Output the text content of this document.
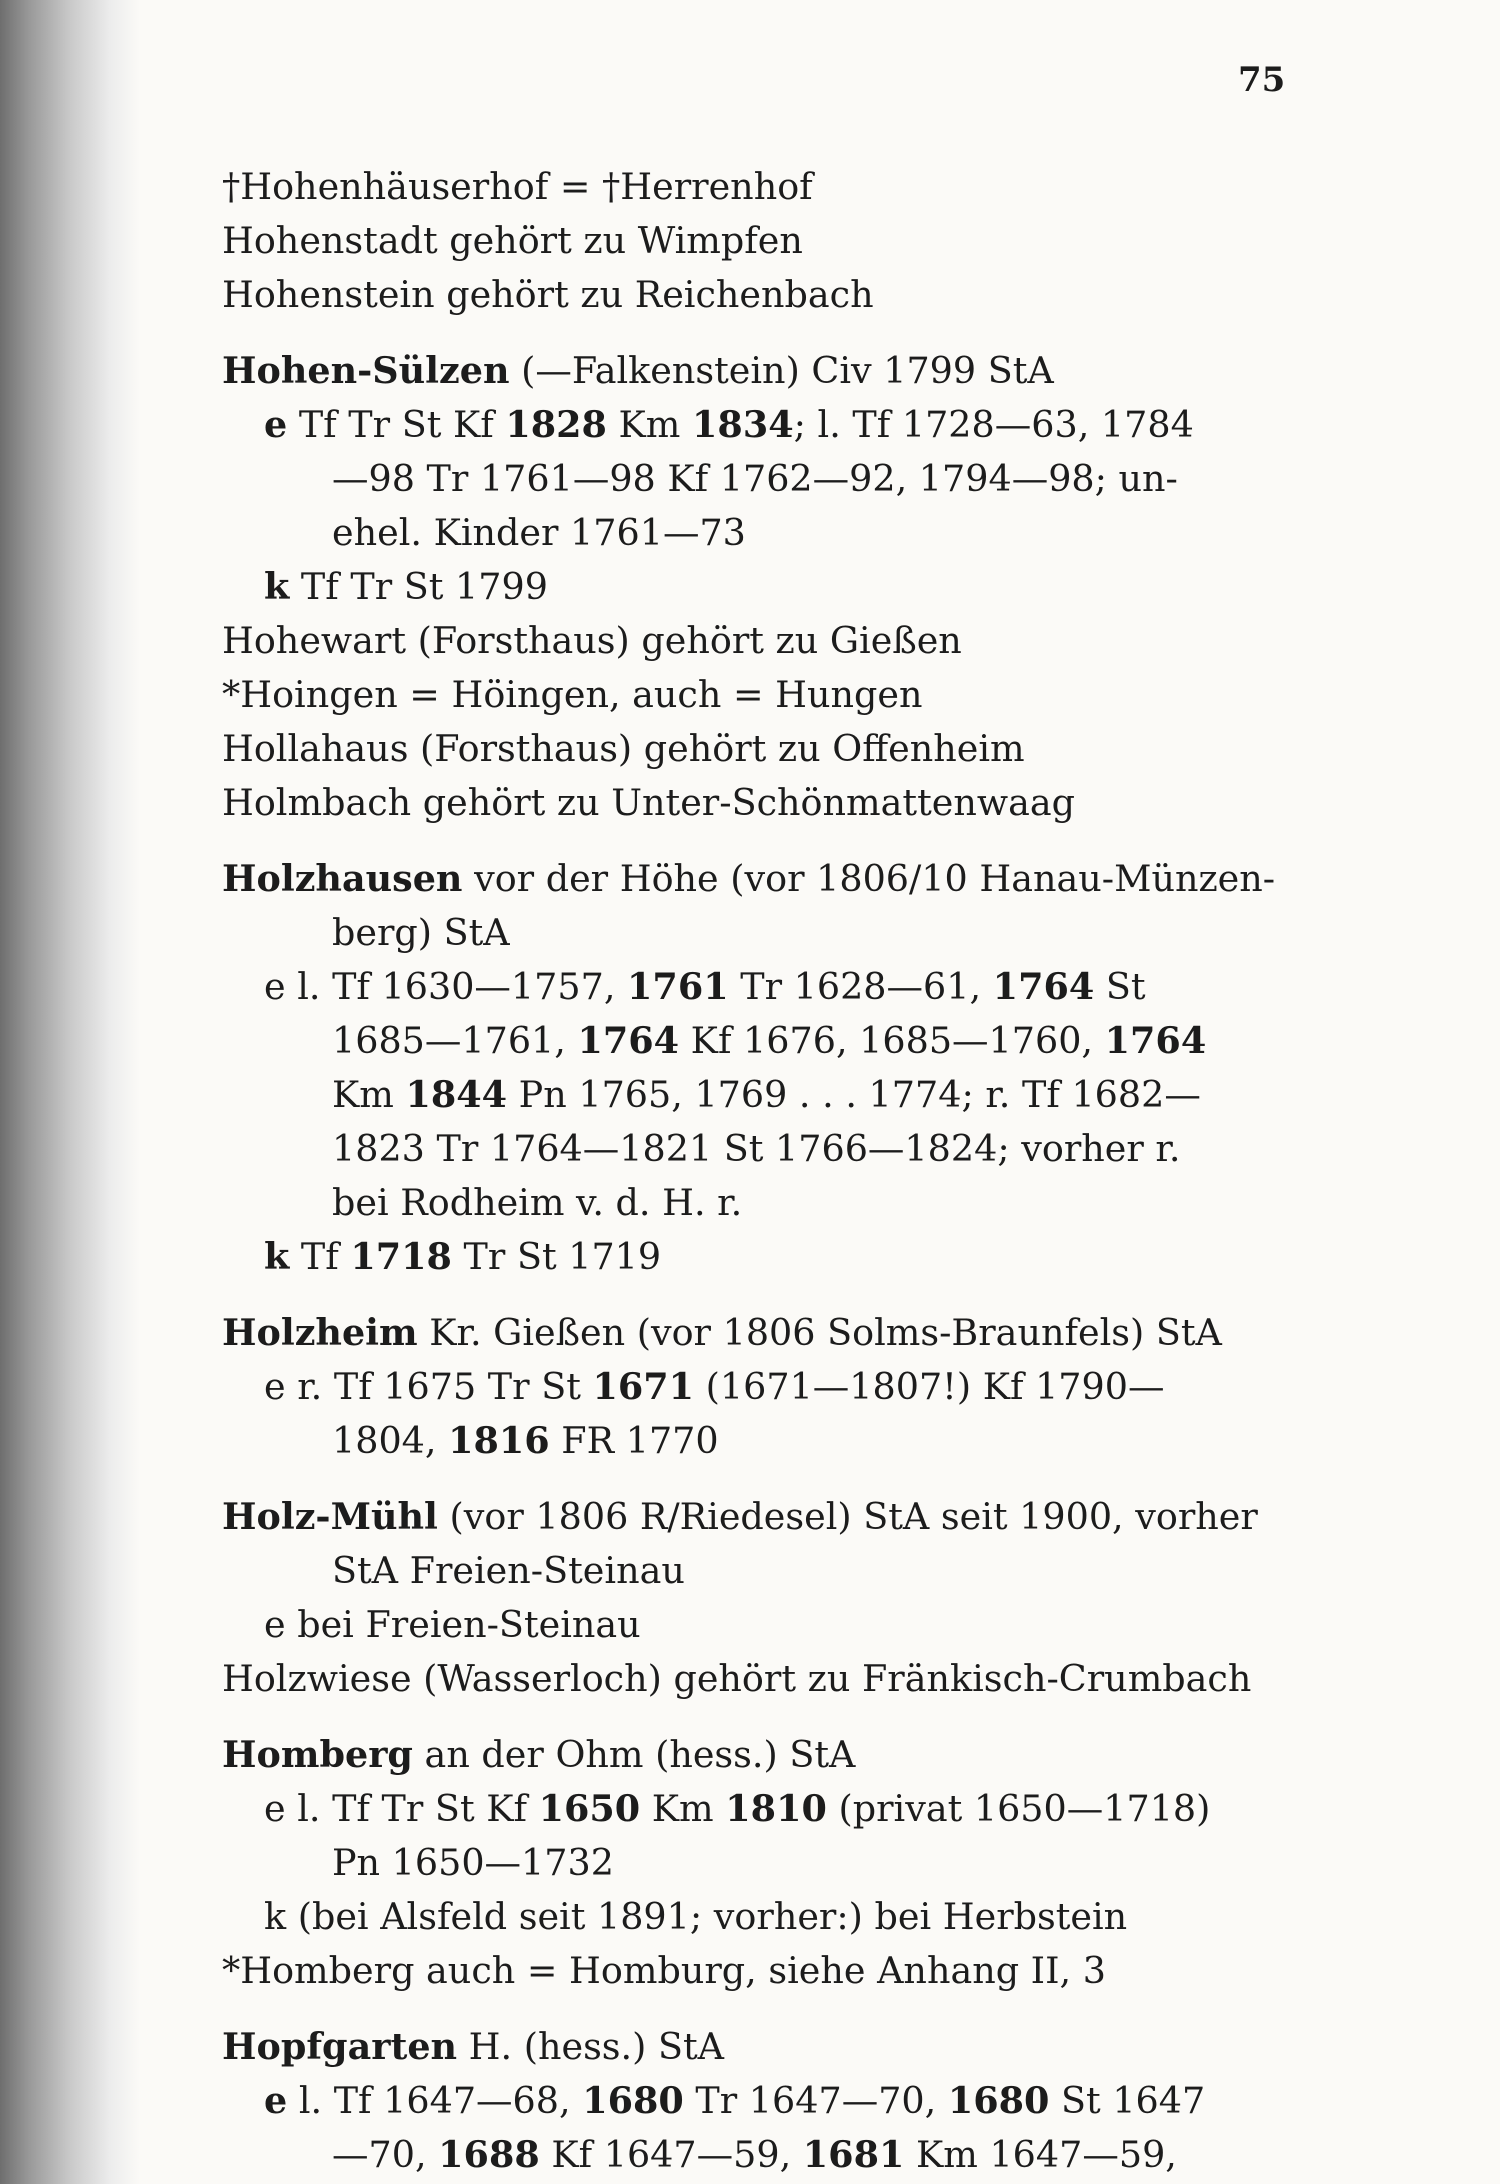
75
†Hohenhäuserhof = †Herrenhof
Hohenstadt gehört zu Wimpfen
Hohenstein gehört zu Reichenbach
Hohen-Sülzen (—Falkenstein) Civ 1799 StA
e Tf Tr St Kf 1828 Km 1834; l. Tf 1728—63, 1784
—98 Tr 1761—98 Kf 1762—92, 1794—98; un-
ehel. Kinder 1761—73
k Tf Tr St 1799
Hohewart (Forsthaus) gehört zu Gießen
*Hoingen = Höingen, auch = Hungen
Hollahaus (Forsthaus) gehört zu Offenheim
Holmbach gehört zu Unter-Schönmattenwaag
Holzhausen vor der Höhe (vor 1806/10 Hanau-Münzen-
berg) StA
e l. Tf 1630—1757, 1761 Tr 1628—61, 1764 St
1685—1761, 1764 Kf 1676, 1685—1760, 1764
Km 1844 Pn 1765, 1769 . . . 1774; r. Tf 1682—
1823 Tr 1764—1821 St 1766—1824; vorher r.
bei Rodheim v. d. H. r.
k Tf 1718 Tr St 1719
Holzheim Kr. Gießen (vor 1806 Solms-Braunfels) StA
e r. Tf 1675 Tr St 1671 (1671—1807!) Kf 1790—
1804, 1816 FR 1770
Holz-Mühl (vor 1806 R/Riedesel) StA seit 1900, vorher
StA Freien-Steinau
e bei Freien-Steinau
Holzwiese (Wasserloch) gehört zu Fränkisch-Crumbach
Homberg an der Ohm (hess.) StA
e l. Tf Tr St Kf 1650 Km 1810 (privat 1650—1718)
Pn 1650—1732
k (bei Alsfeld seit 1891; vorher:) bei Herbstein
*Homberg auch = Homburg, siehe Anhang II, 3
Hopfgarten H. (hess.) StA
e l. Tf 1647—68, 1680 Tr 1647—70, 1680 St 1647
—70, 1688 Kf 1647—59, 1681 Km 1647—59,
